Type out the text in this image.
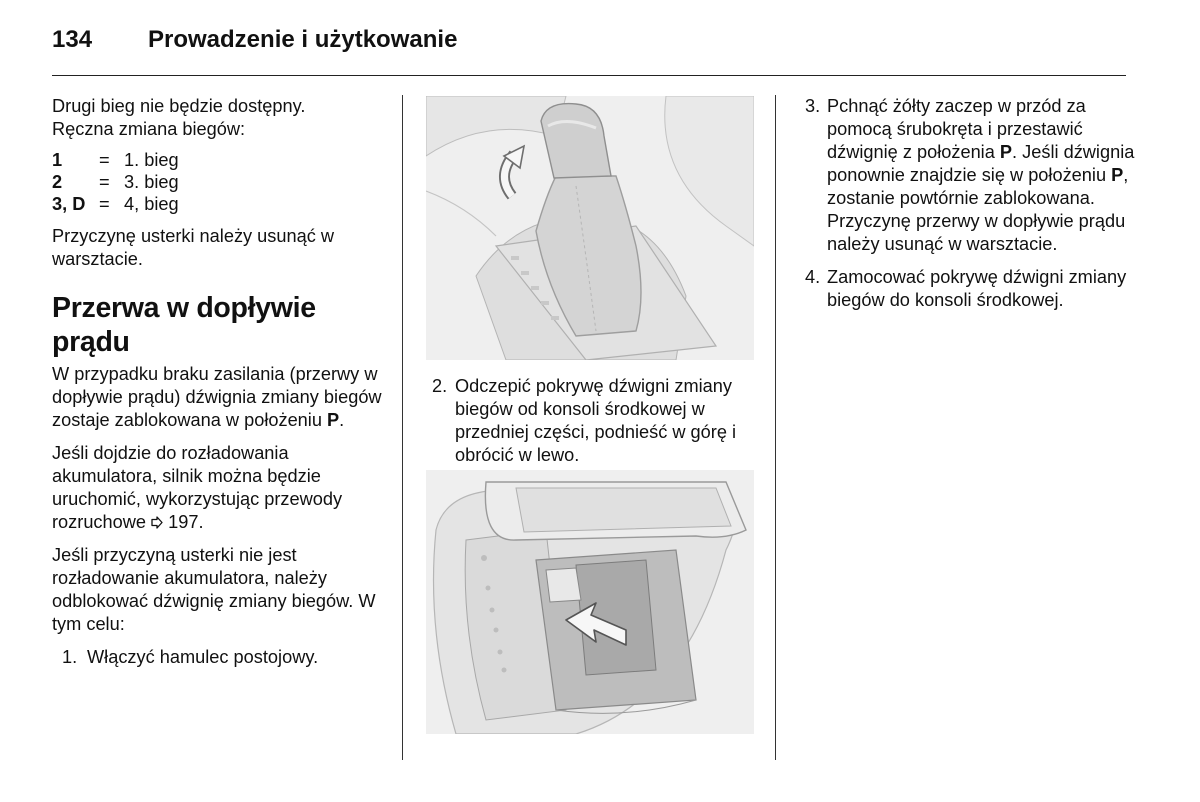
134 Prowadzenie i użytkowanie

Drugi bieg nie będzie dostępny.

Ręczna zmiana biegów:

1	=	1. bieg
2	=	3. bieg
3, D	=	4, bieg

Przyczynę usterki należy usunąć w warsztacie.

Przerwa w dopływie prądu

W przypadku braku zasilania (przerwy w dopływie prądu) dźwignia zmiany biegów zostaje zablokowana w położeniu P.

Jeśli dojdzie do rozładowania akumulatora, silnik można będzie uruchomić, wykorzystując przewody rozruchowe  197.

Jeśli przyczyną usterki nie jest rozładowanie akumulatora, należy odblokować dźwignię zmiany biegów. W tym celu:

1. Włączyć hamulec postojowy.
2. Odczepić pokrywę dźwigni zmiany biegów od konsoli środkowej w przedniej części, podnieść w górę i obrócić w lewo.
3. Pchnąć żółty zaczep w przód za pomocą śrubokręta i przestawić dźwignię z położenia P. Jeśli dźwignia ponownie znajdzie się w położeniu P, zostanie powtórnie zablokowana. Przyczynę przerwy w dopływie prądu należy usunąć w warsztacie.
4. Zamocować pokrywę dźwigni zmiany biegów do konsoli środkowej.
